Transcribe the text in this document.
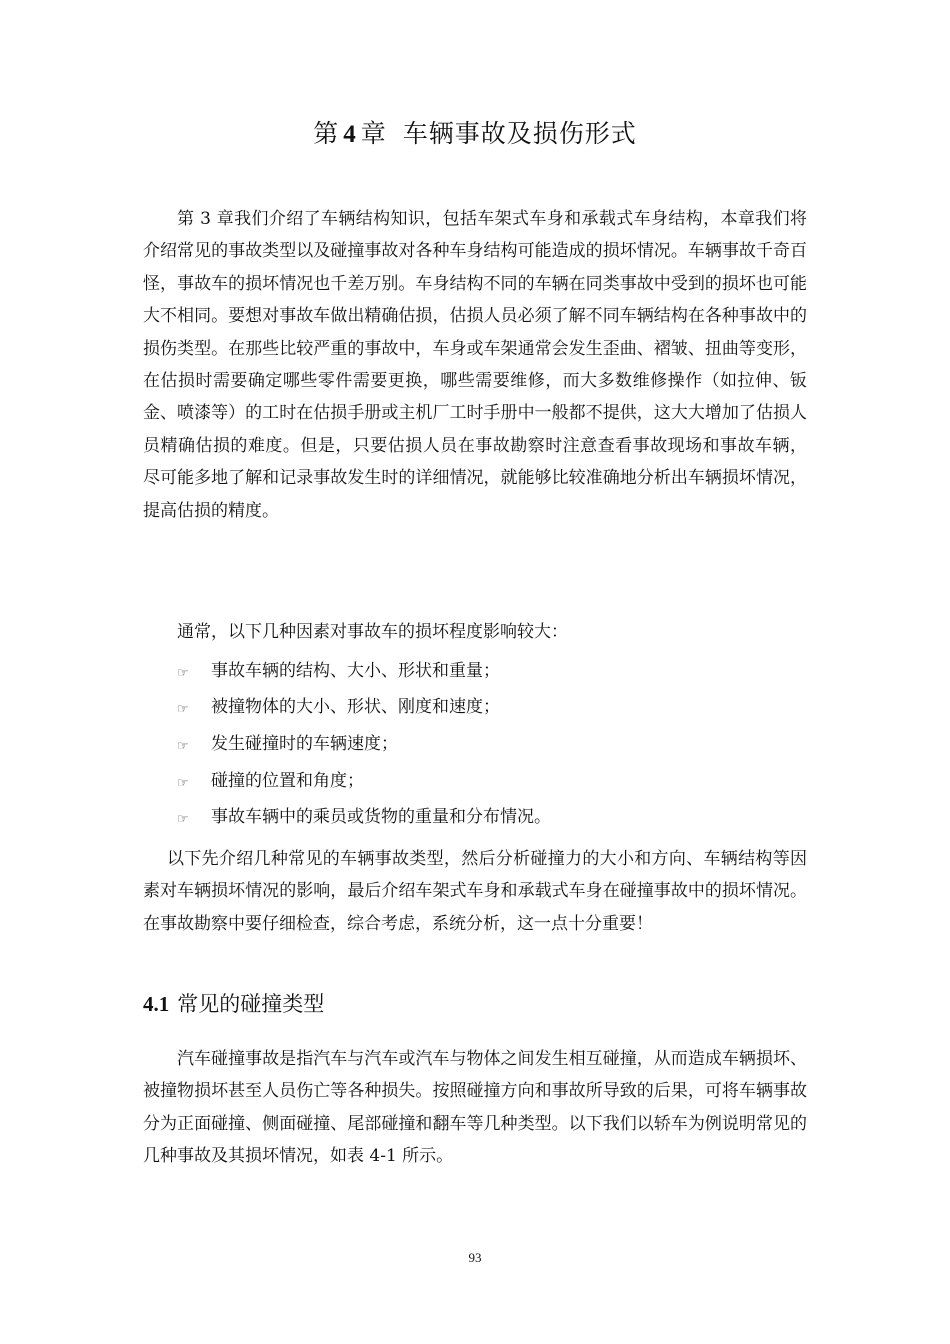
第 4 章 车辆事故及损伤形式

第 3 章我们介绍了车辆结构知识，包括车架式车身和承载式车身结构，本章我们将介绍常见的事故类型以及碰撞事故对各种车身结构可能造成的损坏情况。车辆事故千奇百怪，事故车的损坏情况也千差万别。车身结构不同的车辆在同类事故中受到的损坏也可能大不相同。要想对事故车做出精确估损，估损人员必须了解不同车辆结构在各种事故中的损伤类型。在那些比较严重的事故中，车身或车架通常会发生歪曲、褶皱、扭曲等变形，在估损时需要确定哪些零件需要更换，哪些需要维修，而大多数维修操作（如拉伸、钣金、喷漆等）的工时在估损手册或主机厂工时手册中一般都不提供，这大大增加了估损人员精确估损的难度。但是，只要估损人员在事故勘察时注意查看事故现场和事故车辆， 尽可能多地了解和记录事故发生时的详细情况，就能够比较准确地分析出车辆损坏情况，提高估损的精度。

通常，以下几种因素对事故车的损坏程度影响较大：

☞	事故车辆的结构、大小、形状和重量；
☞	被撞物体的大小、形状、刚度和速度；
☞	发生碰撞时的车辆速度；
☞	碰撞的位置和角度；
☞	事故车辆中的乘员或货物的重量和分布情况。

以下先介绍几种常见的车辆事故类型，然后分析碰撞力的大小和方向、车辆结构等因素对车辆损坏情况的影响，最后介绍车架式车身和承载式车身在碰撞事故中的损坏情况。在事故勘察中要仔细检查，综合考虑，系统分析，这一点十分重要！

4.1 常见的碰撞类型

汽车碰撞事故是指汽车与汽车或汽车与物体之间发生相互碰撞，从而造成车辆损坏、被撞物损坏甚至人员伤亡等各种损失。按照碰撞方向和事故所导致的后果，可将车辆事故分为正面碰撞、侧面碰撞、尾部碰撞和翻车等几种类型。以下我们以轿车为例说明常见的几种事故及其损坏情况，如表 4-1 所示。

93
